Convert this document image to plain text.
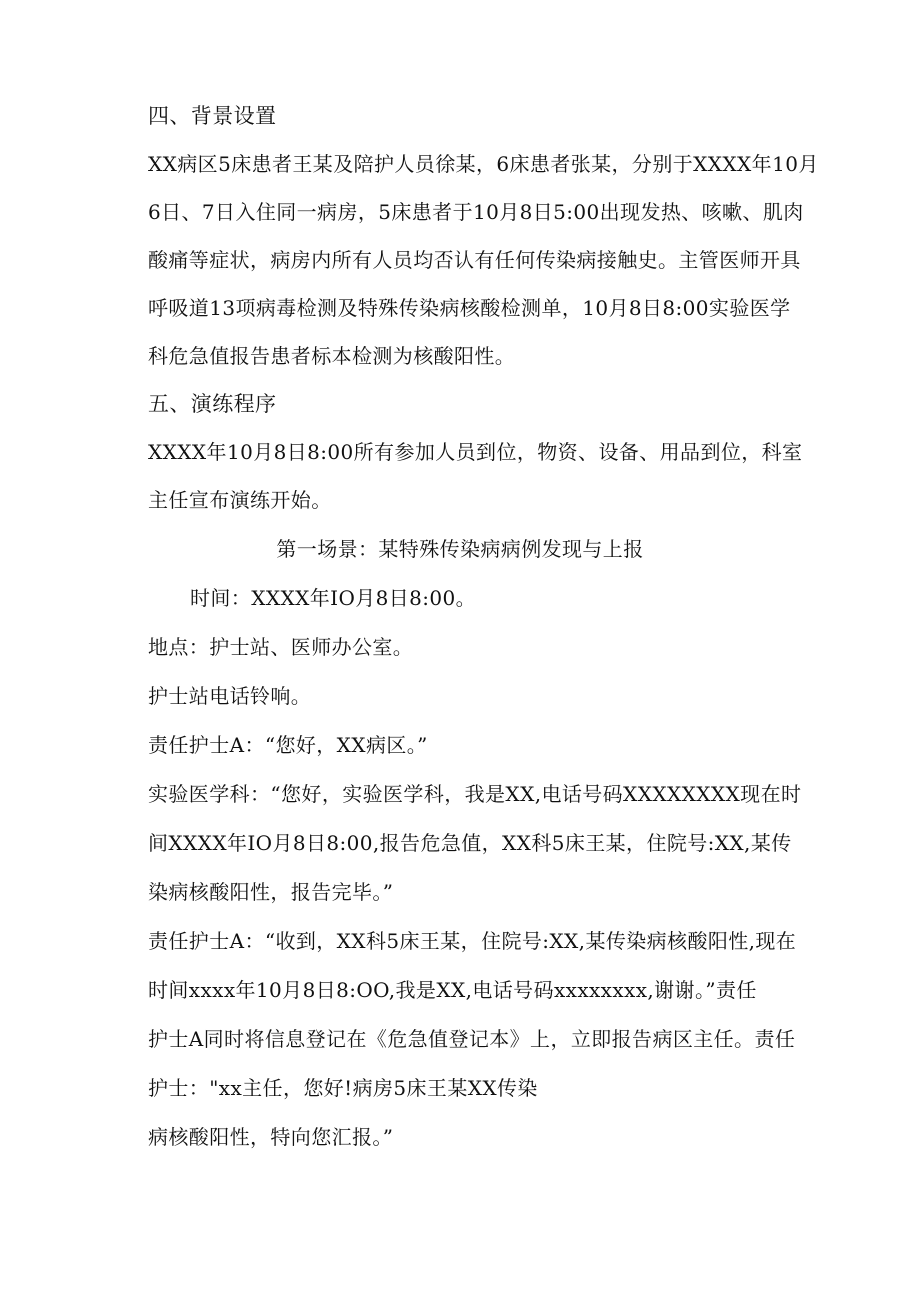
四、背景设置
XX病区5床患者王某及陪护人员徐某，6床患者张某，分别于XXXX年10月
6日、7日入住同一病房，5床患者于10月8日5:00出现发热、咳嗽、肌肉
酸痛等症状，病房内所有人员均否认有任何传染病接触史。主管医师开具
呼吸道13项病毒检测及特殊传染病核酸检测单，10月8日8:00实验医学
科危急值报告患者标本检测为核酸阳性。
五、演练程序
XXXX年10月8日8:00所有参加人员到位，物资、设备、用品到位，科室
主任宣布演练开始。
第一场景：某特殊传染病病例发现与上报
时间：XXXX年IO月8日8:00。
地点：护士站、医师办公室。
护士站电话铃响。
责任护士A：“您好，XX病区。”
实验医学科：“您好，实验医学科，我是XX,电话号码XXXXXXXX现在时
间XXXX年IO月8日8:00,报告危急值，XX科5床王某，住院号:XX,某传
染病核酸阳性，报告完毕。”
责任护士A：“收到，XX科5床王某，住院号:XX,某传染病核酸阳性,现在
时间xxxx年10月8日8:OO,我是XX,电话号码xxxxxxxx,谢谢。”责任
护士A同时将信息登记在《危急值登记本》上，立即报告病区主任。责任
护士："xx主任，您好!病房5床王某XX传染
病核酸阳性，特向您汇报。”
